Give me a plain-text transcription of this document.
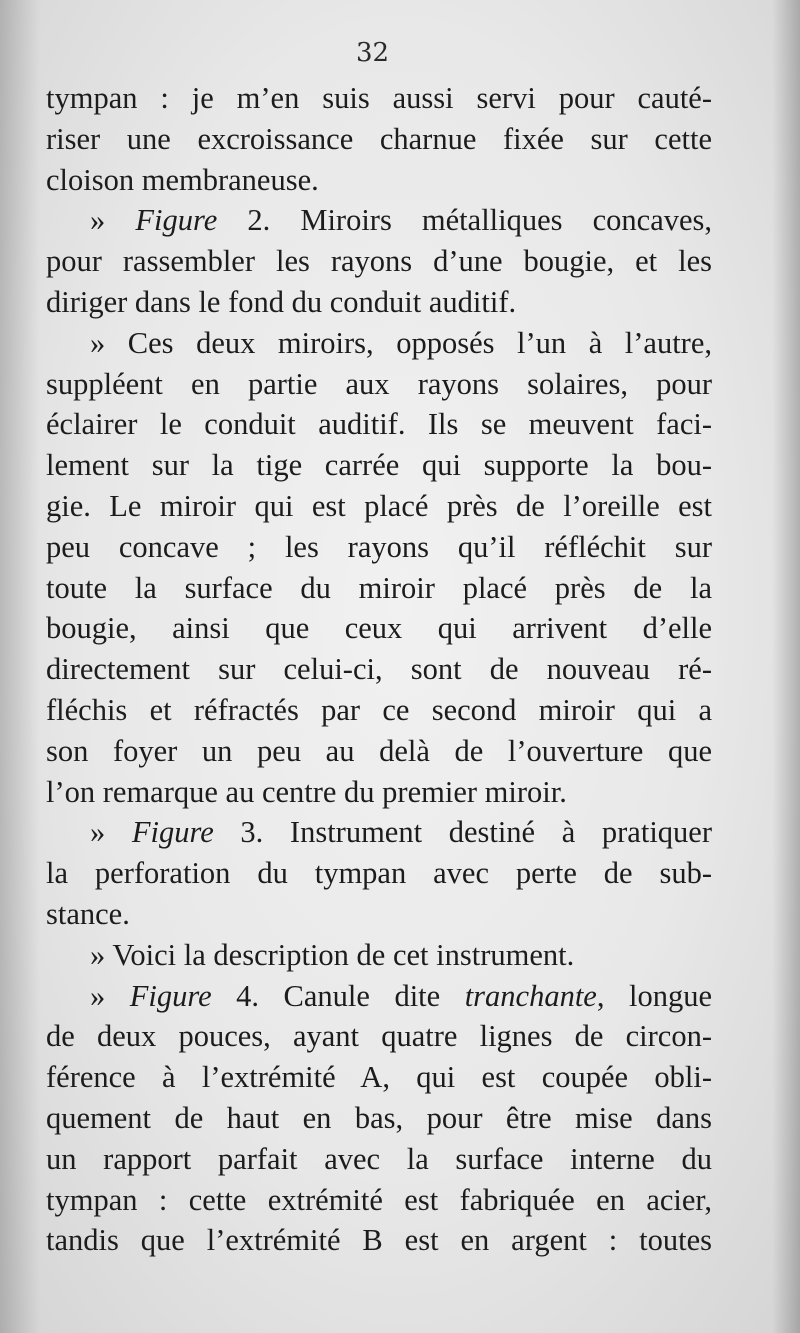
32
tympan : je m’en suis aussi servi pour cauté-
riser une excroissance charnue fixée sur cette
cloison membraneuse.
» Figure 2. Miroirs métalliques concaves,
pour rassembler les rayons d’une bougie, et les
diriger dans le fond du conduit auditif.
» Ces deux miroirs, opposés l’un à l’autre,
suppléent en partie aux rayons solaires, pour
éclairer le conduit auditif. Ils se meuvent faci-
lement sur la tige carrée qui supporte la bou-
gie. Le miroir qui est placé près de l’oreille est
peu concave ; les rayons qu’il réfléchit sur
toute la surface du miroir placé près de la
bougie, ainsi que ceux qui arrivent d’elle
directement sur celui-ci, sont de nouveau ré-
fléchis et réfractés par ce second miroir qui a
son foyer un peu au delà de l’ouverture que
l’on remarque au centre du premier miroir.
» Figure 3. Instrument destiné à pratiquer
la perforation du tympan avec perte de sub-
stance.
» Voici la description de cet instrument.
» Figure 4. Canule dite tranchante, longue
de deux pouces, ayant quatre lignes de circon-
férence à l’extrémité A, qui est coupée obli-
quement de haut en bas, pour être mise dans
un rapport parfait avec la surface interne du
tympan : cette extrémité est fabriquée en acier,
tandis que l’extrémité B est en argent : toutes
